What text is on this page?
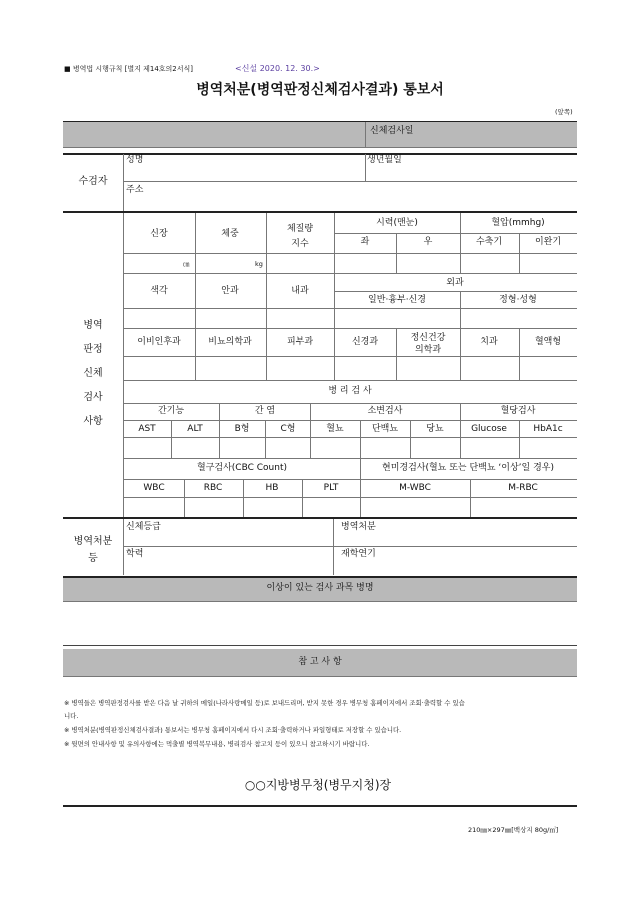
■ 병역법 시행규칙 [별지 제14호의2서식]	<신설 2020. 12. 30.>
병역처분(병역판정신체검사결과) 통보서
(앞쪽)
신체검사일
수검자
성명	생년월일
주소
병역
판정
신체
검사
사항
신장	체중	체질량
지수
시력(맨눈)	혈압(mmhg)
좌	우	수축기	이완기
㎝	kg
색각	안과	내과
외과
일반·흉부·신경	정형·성형
이비인후과	비뇨의학과	피부과	신경과	정신건강
의학과
치과	혈액형
병 리 검 사
간기능	간 염	소변검사	혈당검사
AST	ALT	B형	C형	혈뇨	단백뇨	당뇨	Glucose	HbA1c
혈구검사(CBC Count)	현미경검사(혈뇨 또는 단백뇨 ‘이상’일 경우)
WBC	RBC	HB	PLT	M-WBC	M-RBC
병역처분
등
신체등급	병역처분
학력	재학연기
이상이 있는 검사 과목 병명
참 고 사 항
※ 병역들은 병역판정검사를 받은 다음 날 귀하의 메일(나라사랑메일 등)로 보내드리며, 받지 못한 경우 병무청 홈페이지에서 조회·출력할 수 있습
니다.
※ 병역처분(병역판정신체검사결과) 통보서는 병무청 홈페이지에서 다시 조회·출력하거나 파일형태로 저장할 수 있습니다.
※ 뒷면의 안내사항 및 유의사항에는 먹출별 병역복무내용, 병리검사 참고치 등이 있으니 참고하시기 바랍니다.
○○지방병무청(병무지청)장
210㎜×297㎜[백상지 80g/㎡]
